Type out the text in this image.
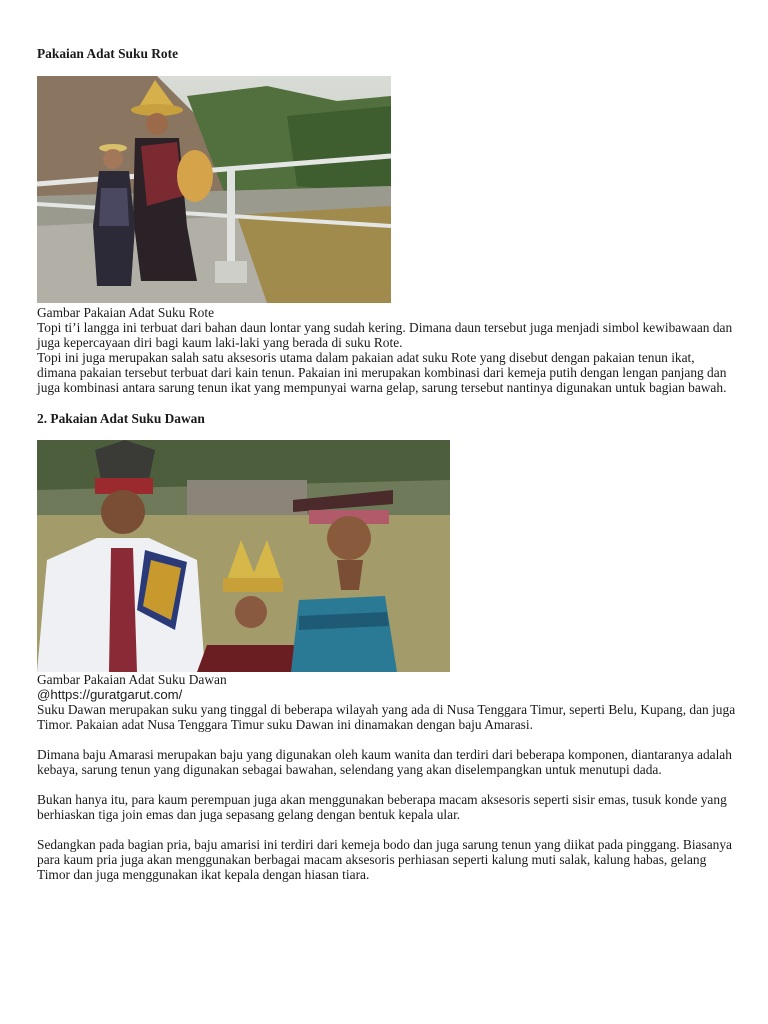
Pakaian Adat Suku Rote

Gambar Pakaian Adat Suku Rote

Topi ti’i langga ini terbuat dari bahan daun lontar yang sudah kering. Dimana daun tersebut juga menjadi simbol kewibawaan dan juga kepercayaan diri bagi kaum laki-laki yang berada di suku Rote.

Topi ini juga merupakan salah satu aksesoris utama dalam pakaian adat suku Rote yang disebut dengan pakaian tenun ikat, dimana pakaian tersebut terbuat dari kain tenun. Pakaian ini merupakan kombinasi dari kemeja putih dengan lengan panjang dan juga kombinasi antara sarung tenun ikat yang mempunyai warna gelap, sarung tersebut nantinya digunakan untuk bagian bawah.

2. Pakaian Adat Suku Dawan

Gambar Pakaian Adat Suku Dawan

@https://guratgarut.com/

Suku Dawan merupakan suku yang tinggal di beberapa wilayah yang ada di Nusa Tenggara Timur, seperti Belu, Kupang, dan juga Timor. Pakaian adat Nusa Tenggara Timur suku Dawan ini dinamakan dengan baju Amarasi.

Dimana baju Amarasi merupakan baju yang digunakan oleh kaum wanita dan terdiri dari beberapa komponen, diantaranya adalah kebaya, sarung tenun yang digunakan sebagai bawahan, selendang yang akan diselempangkan untuk menutupi dada.

Bukan hanya itu, para kaum perempuan juga akan menggunakan beberapa macam aksesoris seperti sisir emas, tusuk konde yang berhiaskan tiga join emas dan juga sepasang gelang dengan bentuk kepala ular.

Sedangkan pada bagian pria, baju amarisi ini terdiri dari kemeja bodo dan juga sarung tenun yang diikat pada pinggang. Biasanya para kaum pria juga akan menggunakan berbagai macam aksesoris perhiasan seperti kalung muti salak, kalung habas, gelang Timor dan juga menggunakan ikat kepala dengan hiasan tiara.
